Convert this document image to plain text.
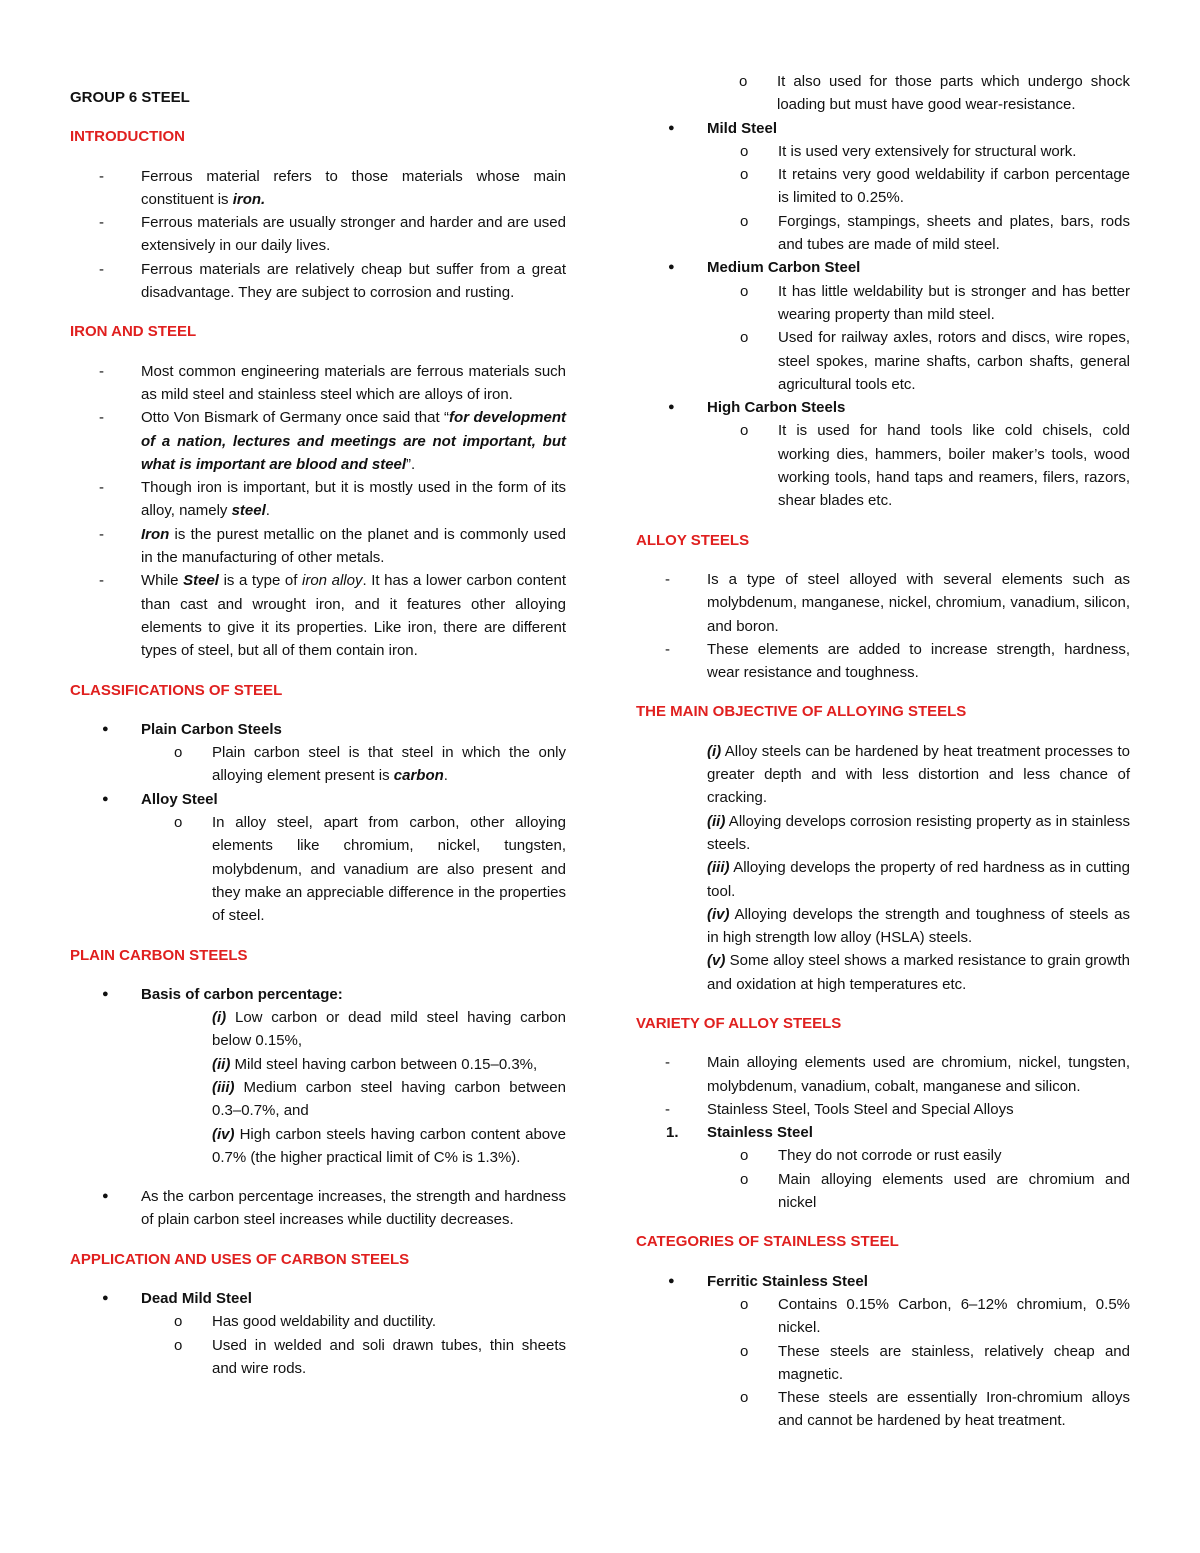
GROUP 6 STEEL
INTRODUCTION
-	Ferrous material refers to those materials whose main constituent is iron.
-	Ferrous materials are usually stronger and harder and are used extensively in our daily lives.
-	Ferrous materials are relatively cheap but suffer from a great disadvantage. They are subject to corrosion and rusting.
IRON AND STEEL
-	Most common engineering materials are ferrous materials such as mild steel and stainless steel which are alloys of iron.
-	Otto Von Bismark of Germany once said that “for development of a nation, lectures and meetings are not important, but what is important are blood and steel”.
-	Though iron is important, but it is mostly used in the form of its alloy, namely steel.
-	Iron is the purest metallic on the planet and is commonly used in the manufacturing of other metals.
-	While Steel is a type of iron alloy. It has a lower carbon content than cast and wrought iron, and it features other alloying elements to give it its properties. Like iron, there are different types of steel, but all of them contain iron.
CLASSIFICATIONS OF STEEL
●	Plain Carbon Steels
o Plain carbon steel is that steel in which the only alloying element present is carbon.
●	Alloy Steel
o In alloy steel, apart from carbon, other alloying elements like chromium, nickel, tungsten, molybdenum, and vanadium are also present and they make an appreciable difference in the properties of steel.
PLAIN CARBON STEELS
●	Basis of carbon percentage:
(i) Low carbon or dead mild steel having carbon below 0.15%,
(ii) Mild steel having carbon between 0.15–0.3%,
(iii) Medium carbon steel having carbon between 0.3–0.7%, and
(iv) High carbon steels having carbon content above 0.7% (the higher practical limit of C% is 1.3%).
●	As the carbon percentage increases, the strength and hardness of plain carbon steel increases while ductility decreases.
APPLICATION AND USES OF CARBON STEELS
●	Dead Mild Steel
o Has good weldability and ductility.
o Used in welded and soli drawn tubes, thin sheets and wire rods.
o It also used for those parts which undergo shock loading but must have good wear-resistance.
●	Mild Steel
o It is used very extensively for structural work.
o It retains very good weldability if carbon percentage is limited to 0.25%.
o Forgings, stampings, sheets and plates, bars, rods and tubes are made of mild steel.
●	Medium Carbon Steel
o It has little weldability but is stronger and has better wearing property than mild steel.
o Used for railway axles, rotors and discs, wire ropes, steel spokes, marine shafts, carbon shafts, general agricultural tools etc.
●	High Carbon Steels
o It is used for hand tools like cold chisels, cold working dies, hammers, boiler maker’s tools, wood working tools, hand taps and reamers, filers, razors, shear blades etc.
ALLOY STEELS
-	Is a type of steel alloyed with several elements such as molybdenum, manganese, nickel, chromium, vanadium, silicon, and boron.
-	These elements are added to increase strength, hardness, wear resistance and toughness.
THE MAIN OBJECTIVE OF ALLOYING STEELS
(i) Alloy steels can be hardened by heat treatment processes to greater depth and with less distortion and less chance of cracking.
(ii) Alloying develops corrosion resisting property as in stainless steels.
(iii) Alloying develops the property of red hardness as in cutting tool.
(iv) Alloying develops the strength and toughness of steels as in high strength low alloy (HSLA) steels.
(v) Some alloy steel shows a marked resistance to grain growth and oxidation at high temperatures etc.
VARIETY OF ALLOY STEELS
-	Main alloying elements used are chromium, nickel, tungsten, molybdenum, vanadium, cobalt, manganese and silicon.
-	Stainless Steel, Tools Steel and Special Alloys
1.	Stainless Steel
o They do not corrode or rust easily
o Main alloying elements used are chromium and nickel
CATEGORIES OF STAINLESS STEEL
●	Ferritic Stainless Steel
o Contains 0.15% Carbon, 6–12% chromium, 0.5% nickel.
o These steels are stainless, relatively cheap and magnetic.
o These steels are essentially Iron-chromium alloys and cannot be hardened by heat treatment.
